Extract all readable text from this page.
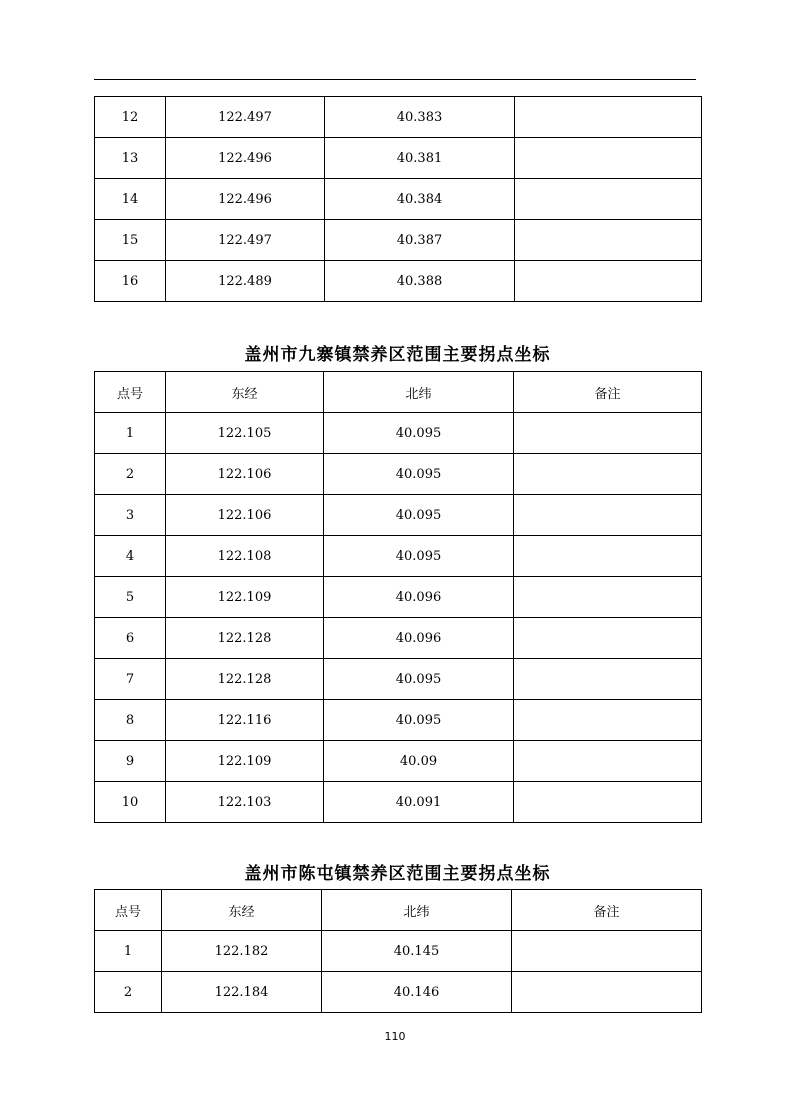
12	122.497	40.383	
13	122.496	40.381	
14	122.496	40.384	
15	122.497	40.387	
16	122.489	40.388	
盖州市九寨镇禁养区范围主要拐点坐标
点号	东经	北纬	备注
1	122.105	40.095	
2	122.106	40.095	
3	122.106	40.095	
4	122.108	40.095	
5	122.109	40.096	
6	122.128	40.096	
7	122.128	40.095	
8	122.116	40.095	
9	122.109	40.09	
10	122.103	40.091	
盖州市陈屯镇禁养区范围主要拐点坐标
点号	东经	北纬	备注
1	122.182	40.145	
2	122.184	40.146	
110
